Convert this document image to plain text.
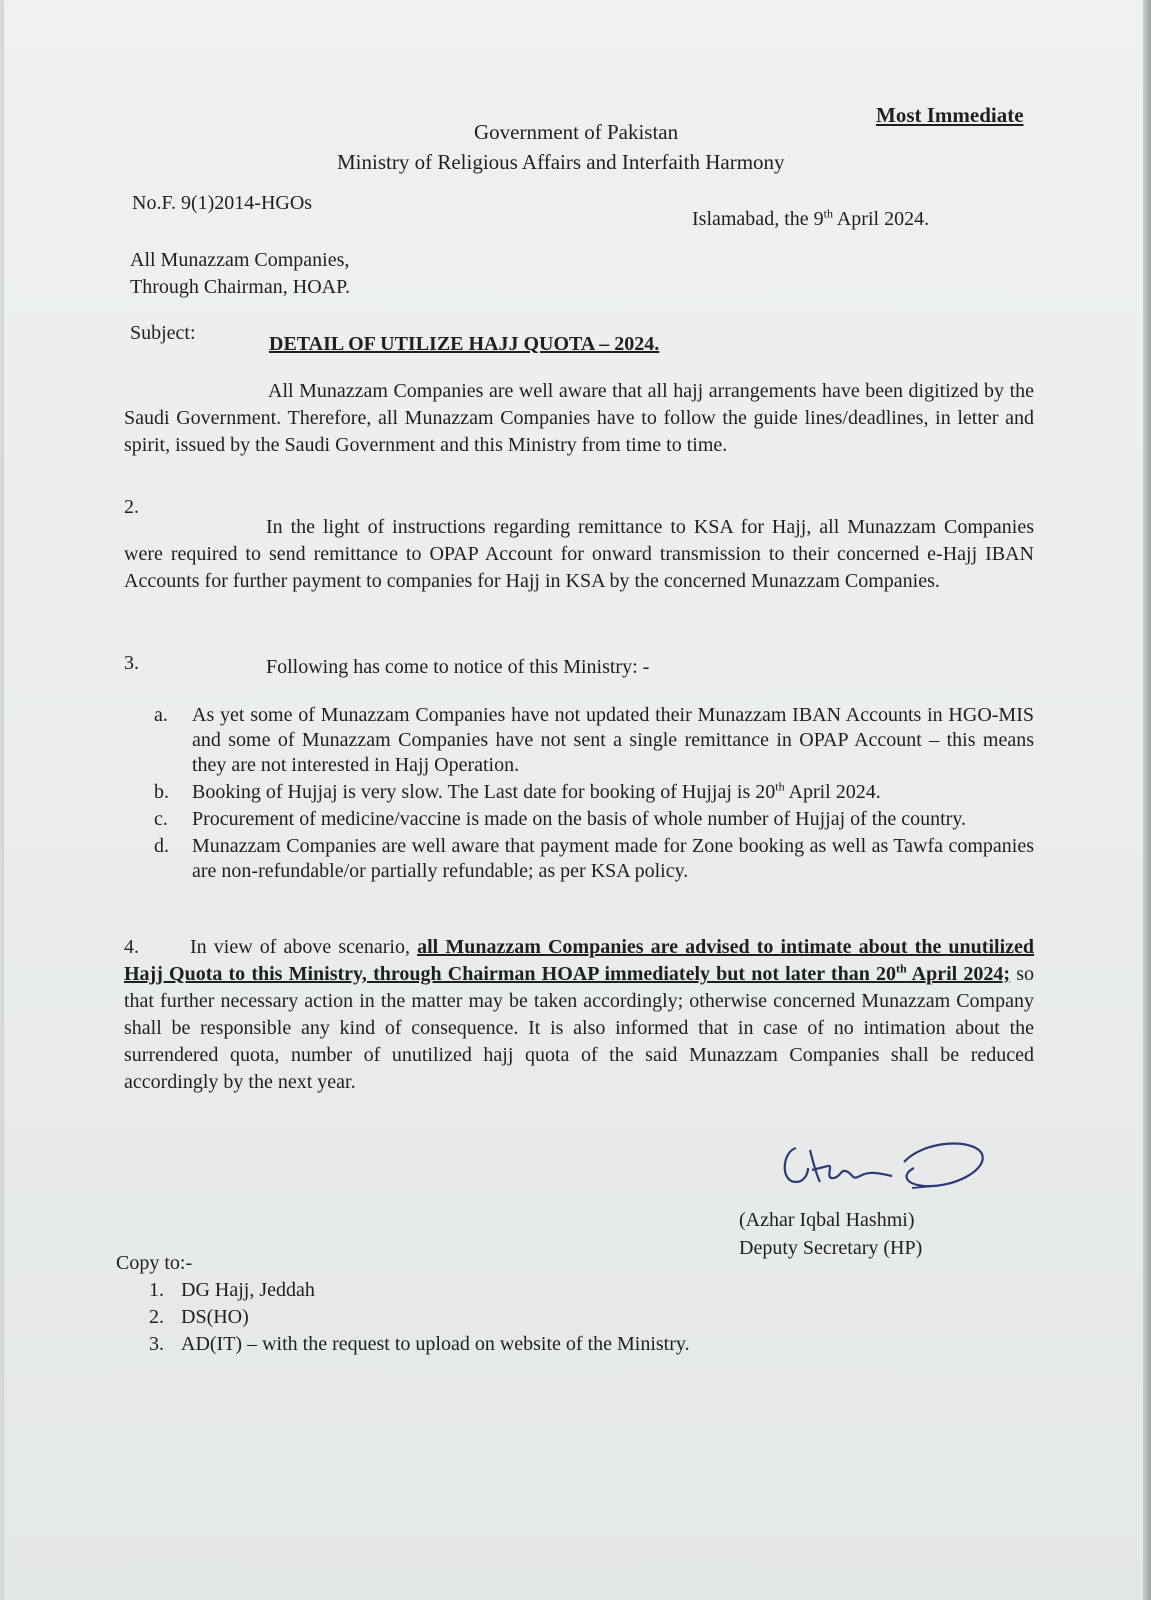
Most Immediate
Government of Pakistan
Ministry of Religious Affairs and Interfaith Harmony
No.F. 9(1)2014-HGOs
Islamabad, the 9th April 2024.
All Munazzam Companies,
Through Chairman, HOAP.
Subject:	DETAIL OF UTILIZE HAJJ QUOTA – 2024.
All Munazzam Companies are well aware that all hajj arrangements have been digitized by the Saudi Government. Therefore, all Munazzam Companies have to follow the guide lines/deadlines, in letter and spirit, issued by the Saudi Government and this Ministry from time to time.
2.
In the light of instructions regarding remittance to KSA for Hajj, all Munazzam Companies were required to send remittance to OPAP Account for onward transmission to their concerned e-Hajj IBAN Accounts for further payment to companies for Hajj in KSA by the concerned Munazzam Companies.
3.	Following has come to notice of this Ministry: -
a.	As yet some of Munazzam Companies have not updated their Munazzam IBAN Accounts in HGO-MIS and some of Munazzam Companies have not sent a single remittance in OPAP Account – this means they are not interested in Hajj Operation.
b.	Booking of Hujjaj is very slow. The Last date for booking of Hujjaj is 20th April 2024.
c.	Procurement of medicine/vaccine is made on the basis of whole number of Hujjaj of the country.
d.	Munazzam Companies are well aware that payment made for Zone booking as well as Tawfa companies are non-refundable/or partially refundable; as per KSA policy.
4.	In view of above scenario, all Munazzam Companies are advised to intimate about the unutilized Hajj Quota to this Ministry, through Chairman HOAP immediately but not later than 20th April 2024; so that further necessary action in the matter may be taken accordingly; otherwise concerned Munazzam Company shall be responsible any kind of consequence. It is also informed that in case of no intimation about the surrendered quota, number of unutilized hajj quota of the said Munazzam Companies shall be reduced accordingly by the next year.
(Azhar Iqbal Hashmi)
Deputy Secretary (HP)
Copy to:-
1. DG Hajj, Jeddah
2. DS(HO)
3. AD(IT) – with the request to upload on website of the Ministry.
